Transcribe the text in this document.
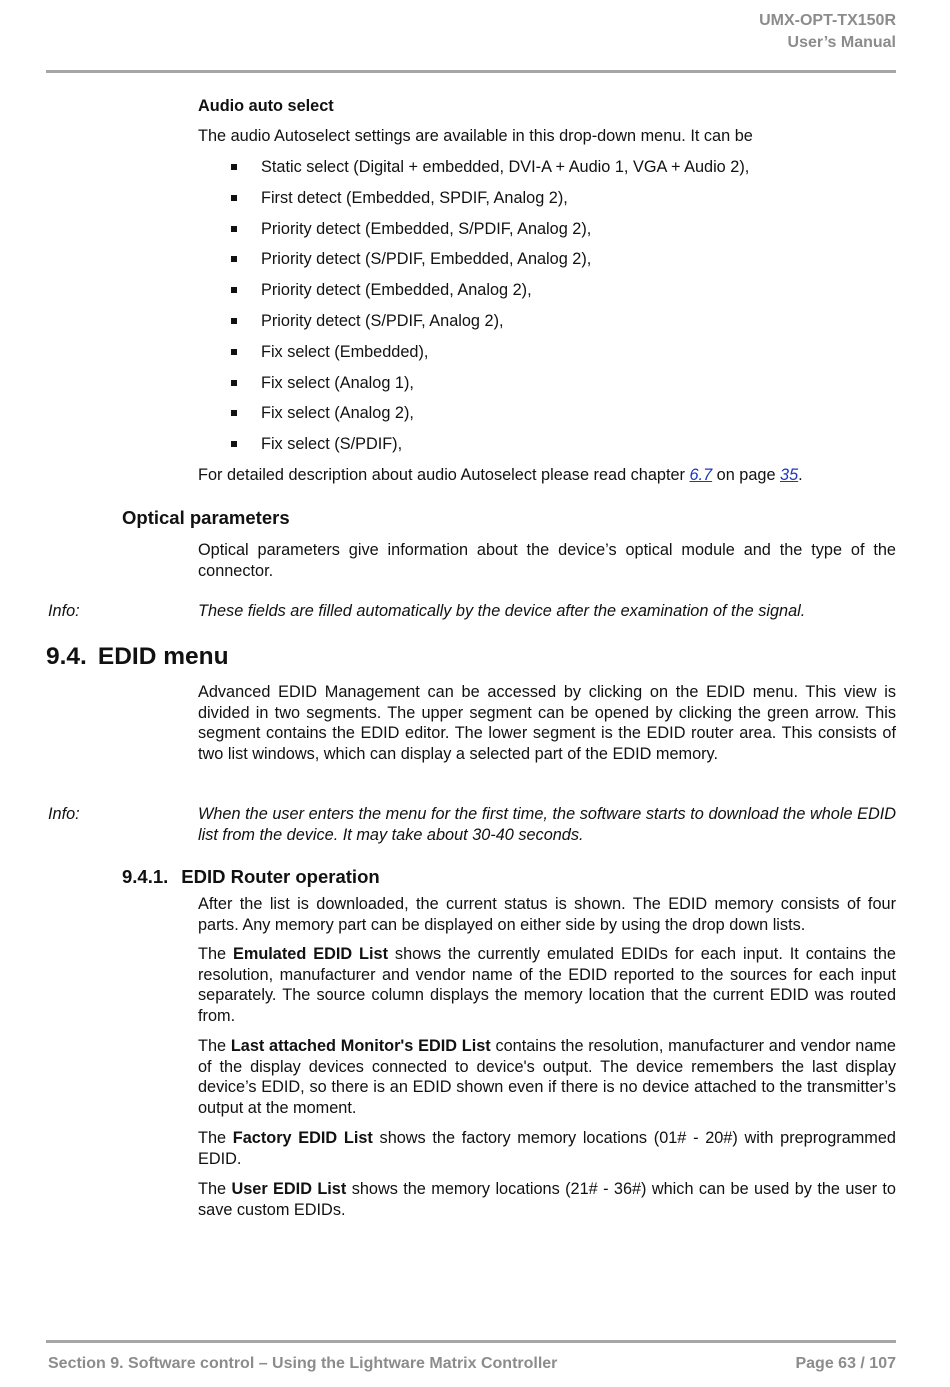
UMX-OPT-TX150R
User’s Manual
Audio auto select
The audio Autoselect settings are available in this drop-down menu. It can be
Static select (Digital + embedded, DVI-A + Audio 1, VGA + Audio 2),
First detect (Embedded, SPDIF, Analog 2),
Priority detect (Embedded, S/PDIF, Analog 2),
Priority detect (S/PDIF, Embedded, Analog 2),
Priority detect (Embedded, Analog 2),
Priority detect (S/PDIF, Analog 2),
Fix select (Embedded),
Fix select (Analog 1),
Fix select (Analog 2),
Fix select (S/PDIF),
For detailed description about audio Autoselect please read chapter 6.7 on page 35.
Optical parameters
Optical parameters give information about the device’s optical module and the type of the connector.
Info:	These fields are filled automatically by the device after the examination of the signal.
9.4. EDID menu
Advanced EDID Management can be accessed by clicking on the EDID menu. This view is divided in two segments. The upper segment can be opened by clicking the green arrow. This segment contains the EDID editor. The lower segment is the EDID router area. This consists of two list windows, which can display a selected part of the EDID memory.
Info:	When the user enters the menu for the first time, the software starts to download the whole EDID list from the device. It may take about 30-40 seconds.
9.4.1. EDID Router operation
After the list is downloaded, the current status is shown. The EDID memory consists of four parts. Any memory part can be displayed on either side by using the drop down lists.
The Emulated EDID List shows the currently emulated EDIDs for each input. It contains the resolution, manufacturer and vendor name of the EDID reported to the sources for each input separately. The source column displays the memory location that the current EDID was routed from.
The Last attached Monitor's EDID List contains the resolution, manufacturer and vendor name of the display devices connected to device's output. The device remembers the last display device’s EDID, so there is an EDID shown even if there is no device attached to the transmitter’s output at the moment.
The Factory EDID List shows the factory memory locations (01# - 20#) with preprogrammed EDID.
The User EDID List shows the memory locations (21# - 36#) which can be used by the user to save custom EDIDs.
Section 9. Software control – Using the Lightware Matrix Controller	Page 63 / 107
